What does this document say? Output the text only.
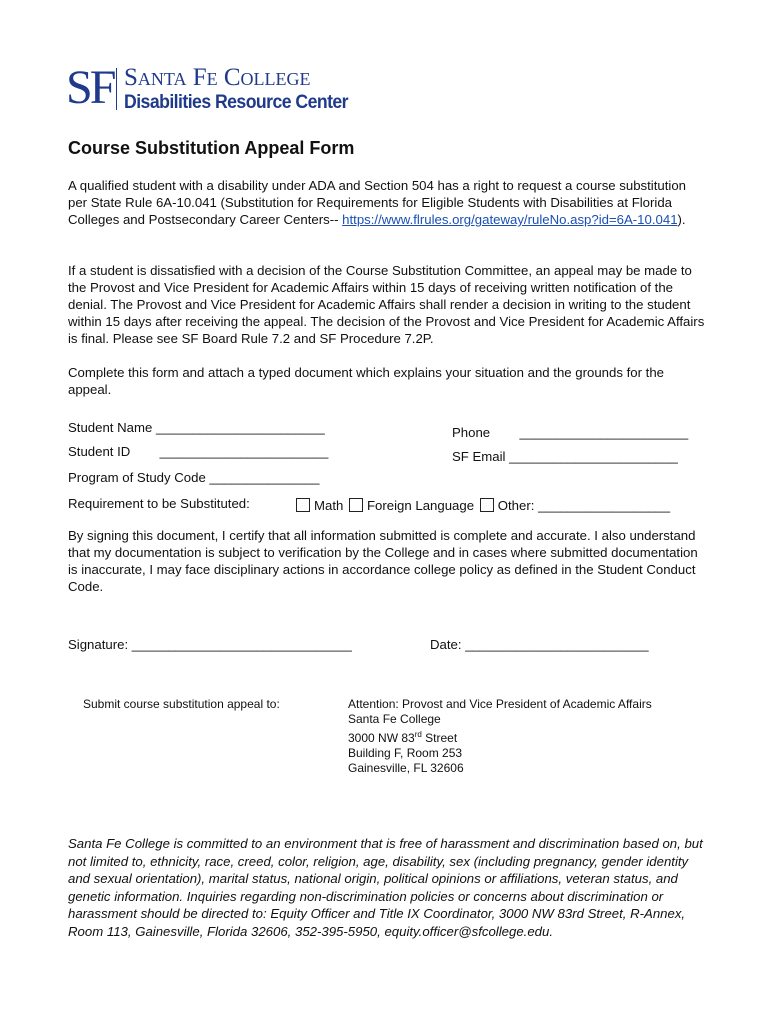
SF Santa Fe College
Disabilities Resource Center
Course Substitution Appeal Form
A qualified student with a disability under ADA and Section 504 has a right to request a course substitution per State Rule 6A-10.041 (Substitution for Requirements for Eligible Students with Disabilities at Florida Colleges and Postsecondary Career Centers-- https://www.flrules.org/gateway/ruleNo.asp?id=6A-10.041).
If a student is dissatisfied with a decision of the Course Substitution Committee, an appeal may be made to the Provost and Vice President for Academic Affairs within 15 days of receiving written notification of the denial. The Provost and Vice President for Academic Affairs shall render a decision in writing to the student within 15 days after receiving the appeal. The decision of the Provost and Vice President for Academic Affairs is final. Please see SF Board Rule 7.2 and SF Procedure 7.2P.
Complete this form and attach a typed document which explains your situation and the grounds for the appeal.
Student Name _______________________	Phone _______________________
Student ID _______________________	SF Email _______________________
Program of Study Code _______________
Requirement to be Substituted:	Math Foreign Language Other: __________________
By signing this document, I certify that all information submitted is complete and accurate. I also understand that my documentation is subject to verification by the College and in cases where submitted documentation is inaccurate, I may face disciplinary actions in accordance college policy as defined in the Student Conduct Code.
Signature: ______________________________	Date: _________________________
Submit course substitution appeal to:	Attention: Provost and Vice President of Academic Affairs
Santa Fe College
3000 NW 83rd Street
Building F, Room 253
Gainesville, FL 32606
Santa Fe College is committed to an environment that is free of harassment and discrimination based on, but not limited to, ethnicity, race, creed, color, religion, age, disability, sex (including pregnancy, gender identity and sexual orientation), marital status, national origin, political opinions or affiliations, veteran status, and genetic information. Inquiries regarding non-discrimination policies or concerns about discrimination or harassment should be directed to: Equity Officer and Title IX Coordinator, 3000 NW 83rd Street, R-Annex, Room 113, Gainesville, Florida 32606, 352-395-5950, equity.officer@sfcollege.edu.
